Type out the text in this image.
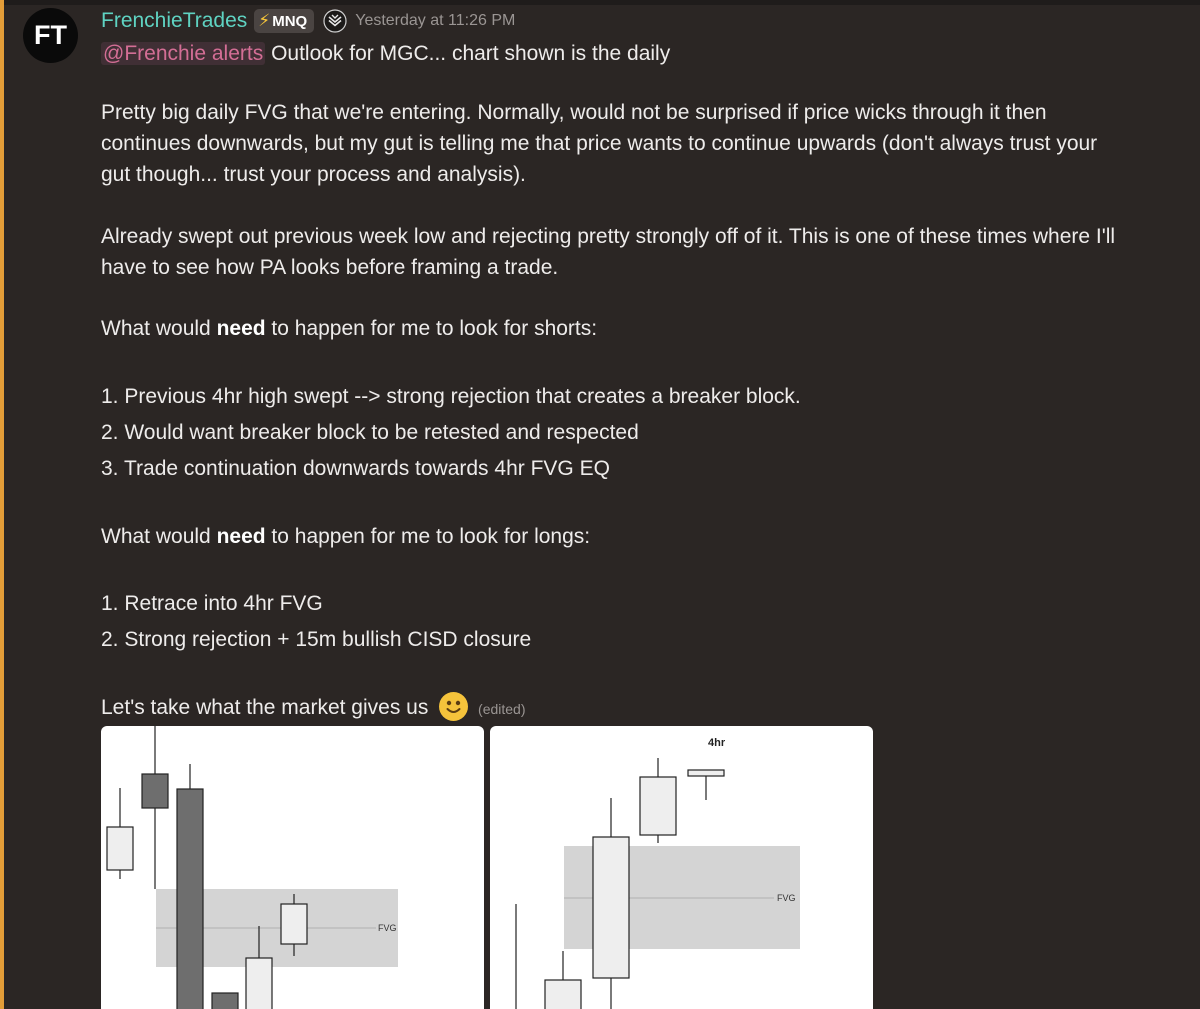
FT	FrenchieTrades ⚡ MNQ	Yesterday at 11:26 PM
@Frenchie alerts Outlook for MGC... chart shown is the daily
Pretty big daily FVG that we're entering. Normally, would not be surprised if price wicks through it then
continues downwards, but my gut is telling me that price wants to continue upwards (don't always trust your
gut though... trust your process and analysis).
Already swept out previous week low and rejecting pretty strongly off of it. This is one of these times where I'll
have to see how PA looks before framing a trade.
What would need to happen for me to look for shorts:
1. Previous 4hr high swept --> strong rejection that creates a breaker block.
2. Would want breaker block to be retested and respected
3. Trade continuation downwards towards 4hr FVG EQ
What would need to happen for me to look for longs:
1. Retrace into 4hr FVG
2. Strong rejection + 15m bullish CISD closure
Let's take what the market gives us	(edited)
FVG
4hr
FVG
